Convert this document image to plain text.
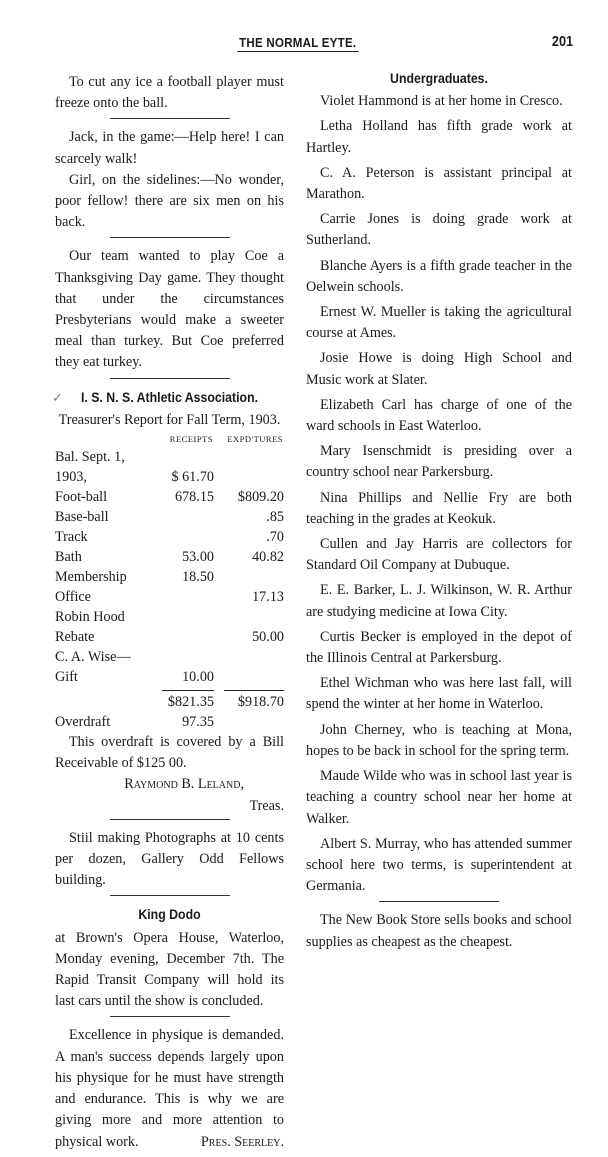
THE NORMAL EYTE.	201

To cut any ice a football player must freeze onto the ball.

Jack, in the game:—Help here! I can scarcely walk!

Girl, on the sidelines:—No wonder, poor fellow! there are six men on his back.

Our team wanted to play Coe a Thanksgiving Day game. They thought that under the circumstances Presbyterians would make a sweeter meal than turkey. But Coe preferred they eat turkey.

✓	I. S. N. S. Athletic Association.

Treasurer's Report for Fall Term, 1903.

	RECEIPTS	EXPD'TURES
Bal. Sept. 1, 1903,	$ 61.70	
Foot-ball	678.15	$809.20
Base-ball		.85
Track		.70
Bath	53.00	40.82
Membership	18.50	
Office		17.13
Robin Hood Rebate		50.00
C. A. Wise—Gift	10.00	

	$821.35	$918.70
Overdraft	97.35	

This overdraft is covered by a Bill Receivable of $125 00.

Raymond B. Leland,

Treas.

Stiil making Photographs at 10 cents per dozen, Gallery Odd Fellows building.

King Dodo

at Brown's Opera House, Waterloo, Monday evening, December 7th. The Rapid Transit Company will hold its last cars until the show is concluded.

Excellence in physique is demanded. A man's success depends largely upon his physique for he must have strength and endurance. This is why we are giving more and more attention to physical work.	Pres. Seerley.

Undergraduates.

Violet Hammond is at her home in Cresco.

Letha Holland has fifth grade work at Hartley.

C. A. Peterson is assistant principal at Marathon.

Carrie Jones is doing grade work at Sutherland.

Blanche Ayers is a fifth grade teacher in the Oelwein schools.

Ernest W. Mueller is taking the agricultural course at Ames.

Josie Howe is doing High School and Music work at Slater.

Elizabeth Carl has charge of one of the ward schools in East Waterloo.

Mary Isenschmidt is presiding over a country school near Parkersburg.

Nina Phillips and Nellie Fry are both teaching in the grades at Keokuk.

Cullen and Jay Harris are collectors for Standard Oil Company at Dubuque.

E. E. Barker, L. J. Wilkinson, W. R. Arthur are studying medicine at Iowa City.

Curtis Becker is employed in the depot of the Illinois Central at Parkersburg.

Ethel Wichman who was here last fall, will spend the winter at her home in Waterloo.

John Cherney, who is teaching at Mona, hopes to be back in school for the spring term.

Maude Wilde who was in school last year is teaching a country school near her home at Walker.

Albert S. Murray, who has attended summer school here two terms, is superintendent at Germania.

The New Book Store sells books and school supplies as cheapest as the cheapest.
